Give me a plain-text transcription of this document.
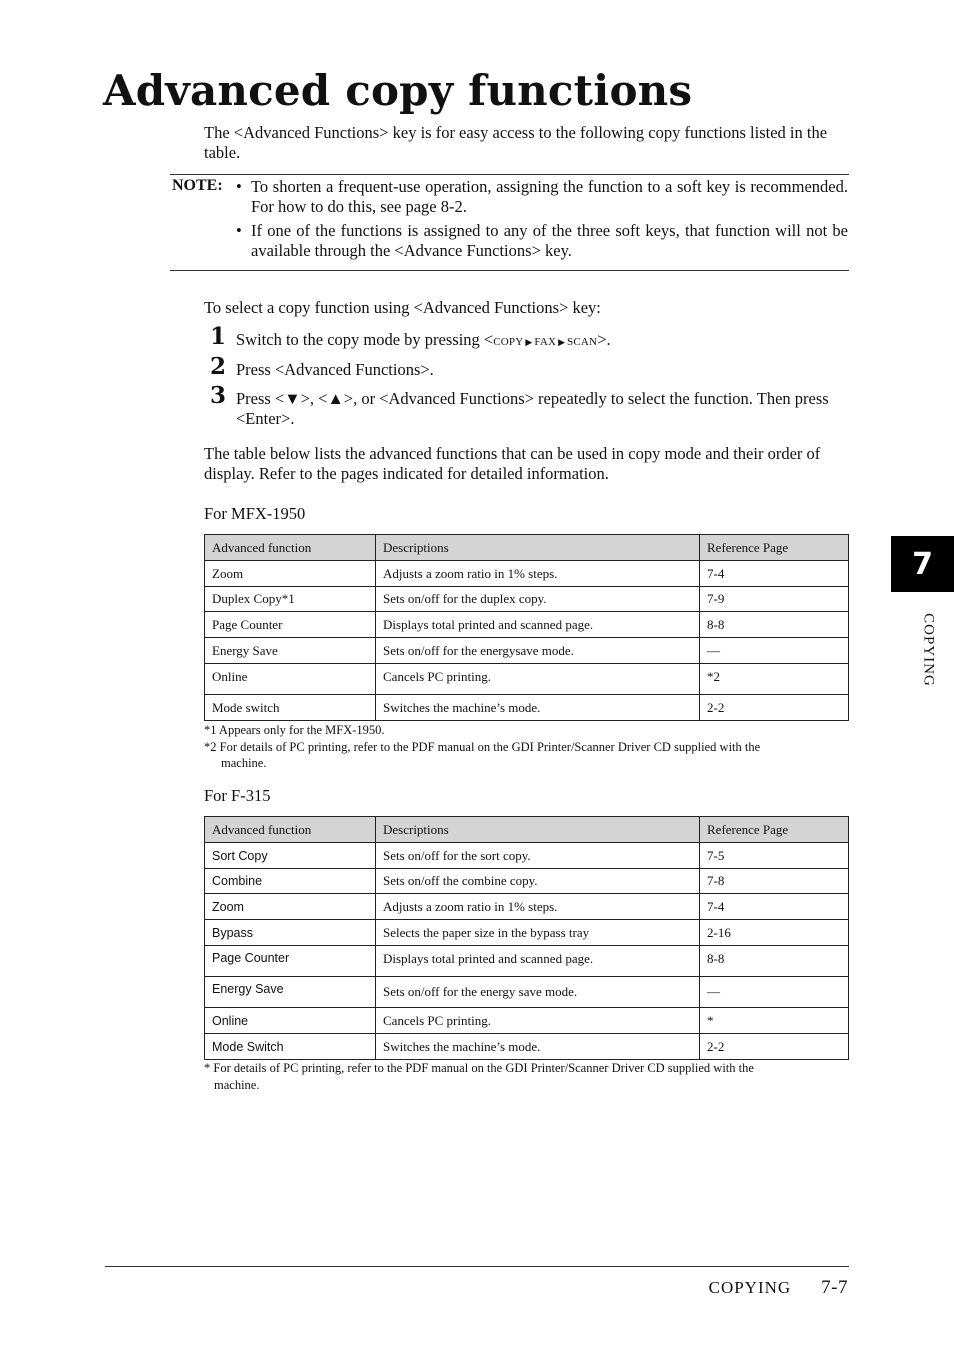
Advanced copy functions
The <Advanced Functions> key is for easy access to the following copy functions listed in the table.
NOTE: • To shorten a frequent-use operation, assigning the function to a soft key is recommended. For how to do this, see page 8-2.
• If one of the functions is assigned to any of the three soft keys, that function will not be available through the <Advance Functions> key.
To select a copy function using <Advanced Functions> key:
1 Switch to the copy mode by pressing <COPY ▶ FAX ▶ SCAN>.
2 Press <Advanced Functions>.
3 Press <▼>, <▲>, or <Advanced Functions> repeatedly to select the function. Then press <Enter>.
The table below lists the advanced functions that can be used in copy mode and their order of display. Refer to the pages indicated for detailed information.
For MFX-1950
Advanced function	Descriptions	Reference Page
Zoom	Adjusts a zoom ratio in 1% steps.	7-4
Duplex Copy*1	Sets on/off for the duplex copy.	7-9
Page Counter	Displays total printed and scanned page.	8-8
Energy Save	Sets on/off for the energysave mode.	—
Online	Cancels PC printing.	*2
Mode switch	Switches the machine’s mode.	2-2
*1 Appears only for the MFX-1950.
*2 For details of PC printing, refer to the PDF manual on the GDI Printer/Scanner Driver CD supplied with the
machine.
For F-315
Advanced function	Descriptions	Reference Page
Sort Copy	Sets on/off for the sort copy.	7-5
Combine	Sets on/off the combine copy.	7-8
Zoom	Adjusts a zoom ratio in 1% steps.	7-4
Bypass	Selects the paper size in the bypass tray	2-16
Page Counter	Displays total printed and scanned page.	8-8
Energy Save	Sets on/off for the energy save mode.	—
Online	Cancels PC printing.	*
Mode Switch	Switches the machine’s mode.	2-2
* For details of PC printing, refer to the PDF manual on the GDI Printer/Scanner Driver CD supplied with the
machine.
7
COPYING
COPYING 7-7
